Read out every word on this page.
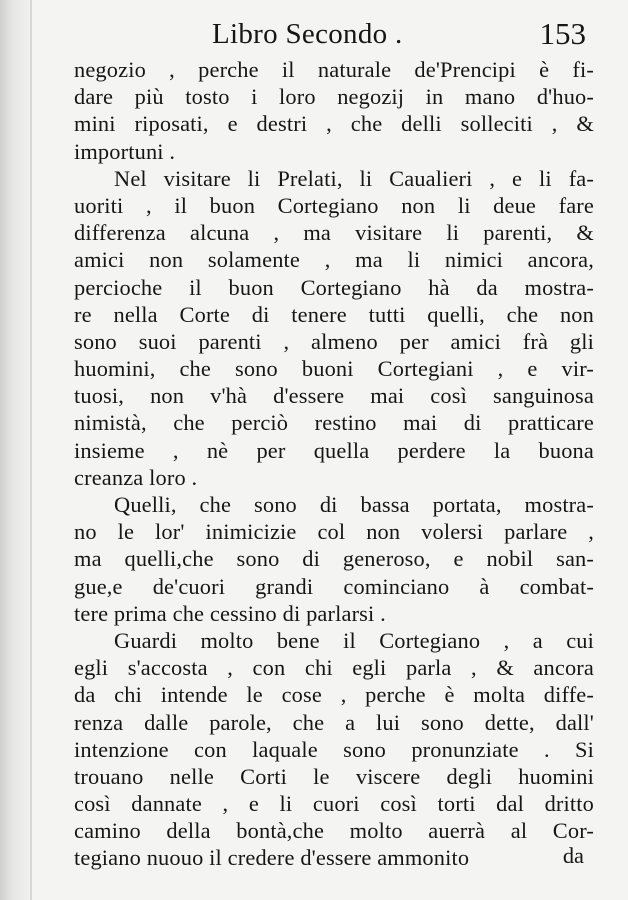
Libro Secondo .	153
negozio , perche il naturale de'Prencipi è fi-
dare più tosto i loro negozij in mano d'huo-
mini riposati, e destri , che delli solleciti , &
importuni .
Nel visitare li Prelati, li Caualieri , e li fa-
uoriti , il buon Cortegiano non li deue fare
differenza alcuna , ma visitare li parenti, &
amici non solamente , ma li nimici ancora,
percioche il buon Cortegiano hà da mostra-
re nella Corte di tenere tutti quelli, che non
sono suoi parenti , almeno per amici frà gli
huomini, che sono buoni Cortegiani , e vir-
tuosi, non v'hà d'essere mai così sanguinosa
nimistà, che perciò restino mai di pratticare
insieme , nè per quella perdere la buona
creanza loro .
Quelli, che sono di bassa portata, mostra-
no le lor' inimicizie col non volersi parlare ,
ma quelli,che sono di generoso, e nobil san-
gue,e de'cuori grandi cominciano à combat-
tere prima che cessino di parlarsi .
Guardi molto bene il Cortegiano , a cui
egli s'accosta , con chi egli parla , & ancora
da chi intende le cose , perche è molta diffe-
renza dalle parole, che a lui sono dette, dall'
intenzione con laquale sono pronunziate . Si
trouano nelle Corti le viscere degli huomini
così dannate , e li cuori così torti dal dritto
camino della bontà,che molto auerrà al Cor-
tegiano nuouo il credere d'essere ammonito	da
